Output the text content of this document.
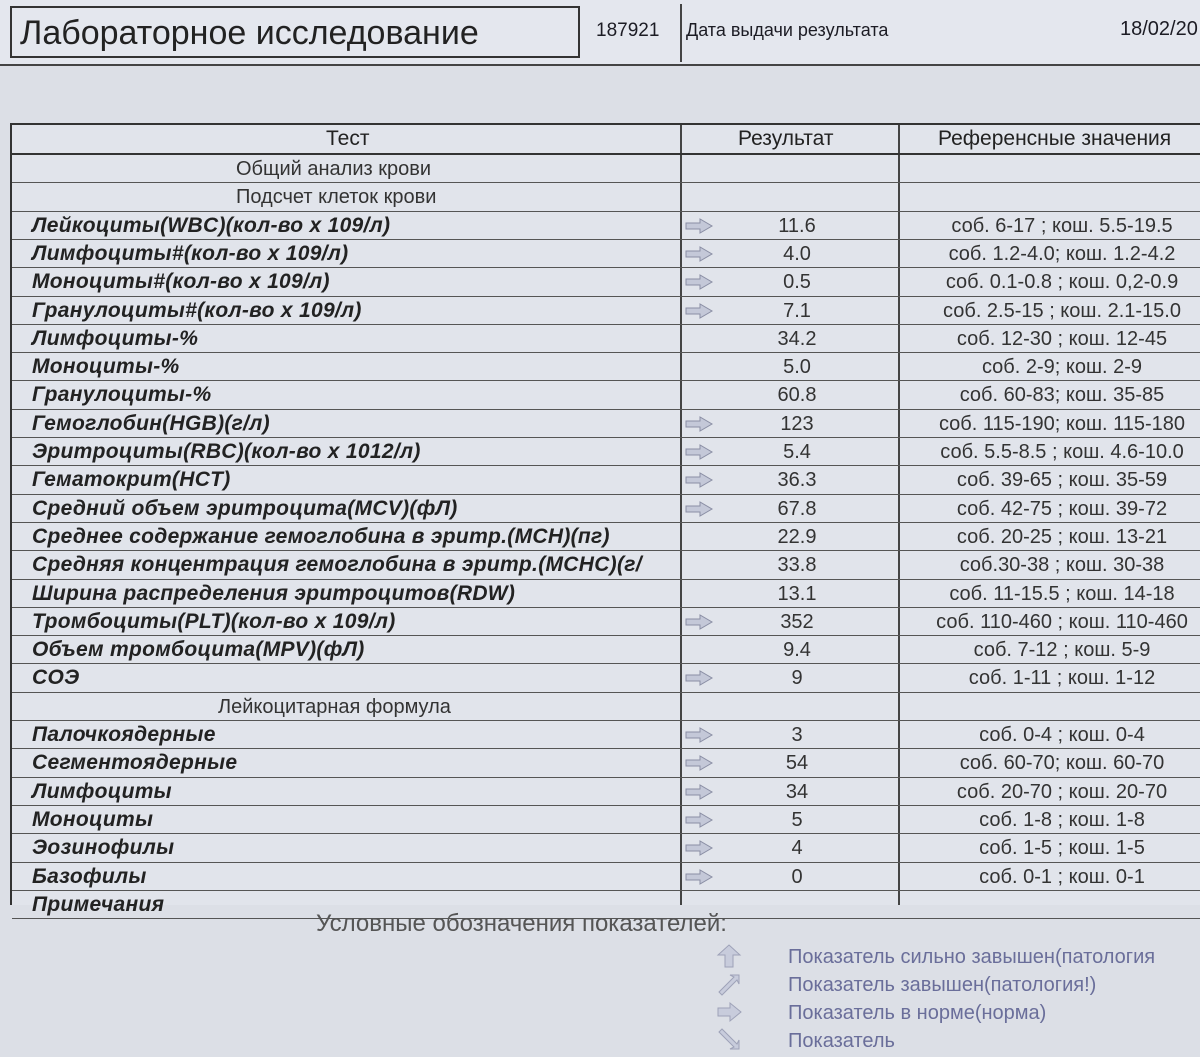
Лабораторное исследование	187921 Дата выдачи результата	18/02/20
Тест	Результат	Референсные значения
Общий анализ крови
Подсчет клеток крови
Лейкоциты(WBC)(кол-во x 109/л)	11.6	соб. 6-17 ; кош. 5.5-19.5
Лимфоциты#(кол-во x 109/л)	4.0	соб. 1.2-4.0; кош. 1.2-4.2
Моноциты#(кол-во x 109/л)	0.5	соб. 0.1-0.8 ; кош. 0,2-0.9
Гранулоциты#(кол-во x 109/л)	7.1	соб. 2.5-15 ; кош. 2.1-15.0
Лимфоциты-%	34.2	соб. 12-30 ; кош. 12-45
Моноциты-%	5.0	соб. 2-9; кош. 2-9
Гранулоциты-%	60.8	соб. 60-83; кош. 35-85
Гемоглобин(HGB)(г/л)	123	соб. 115-190; кош. 115-180
Эритроциты(RBC)(кол-во x 1012/л)	5.4	соб. 5.5-8.5 ; кош. 4.6-10.0
Гематокрит(HCT)	36.3	соб. 39-65 ; кош. 35-59
Средний объем эритроцита(MCV)(фЛ)	67.8	соб. 42-75 ; кош. 39-72
Среднее содержание гемоглобина в эритр.(MCH)(пг)	22.9	соб. 20-25 ; кош. 13-21
Средняя концентрация гемоглобина в эритр.(MCHC)(г/	33.8	соб.30-38 ; кош. 30-38
Ширина распределения эритроцитов(RDW)	13.1	соб. 11-15.5 ; кош. 14-18
Тромбоциты(PLT)(кол-во x 109/л)	352	соб. 110-460 ; кош. 110-460
Объем тромбоцита(MPV)(фЛ)	9.4	соб. 7-12 ; кош. 5-9
СОЭ	9	соб. 1-11 ; кош. 1-12
Лейкоцитарная формула
Палочкоядерные	3	соб. 0-4 ; кош. 0-4
Сегментоядерные	54	соб. 60-70; кош. 60-70
Лимфоциты	34	соб. 20-70 ; кош. 20-70
Моноциты	5	соб. 1-8 ; кош. 1-8
Эозинофилы	4	соб. 1-5 ; кош. 1-5
Базофилы	0	соб. 0-1 ; кош. 0-1
Примечания
Условные обозначения показателей:
Показатель сильно завышен(патология
Показатель завышен(патология!)
Показатель в норме(норма)
Показатель
